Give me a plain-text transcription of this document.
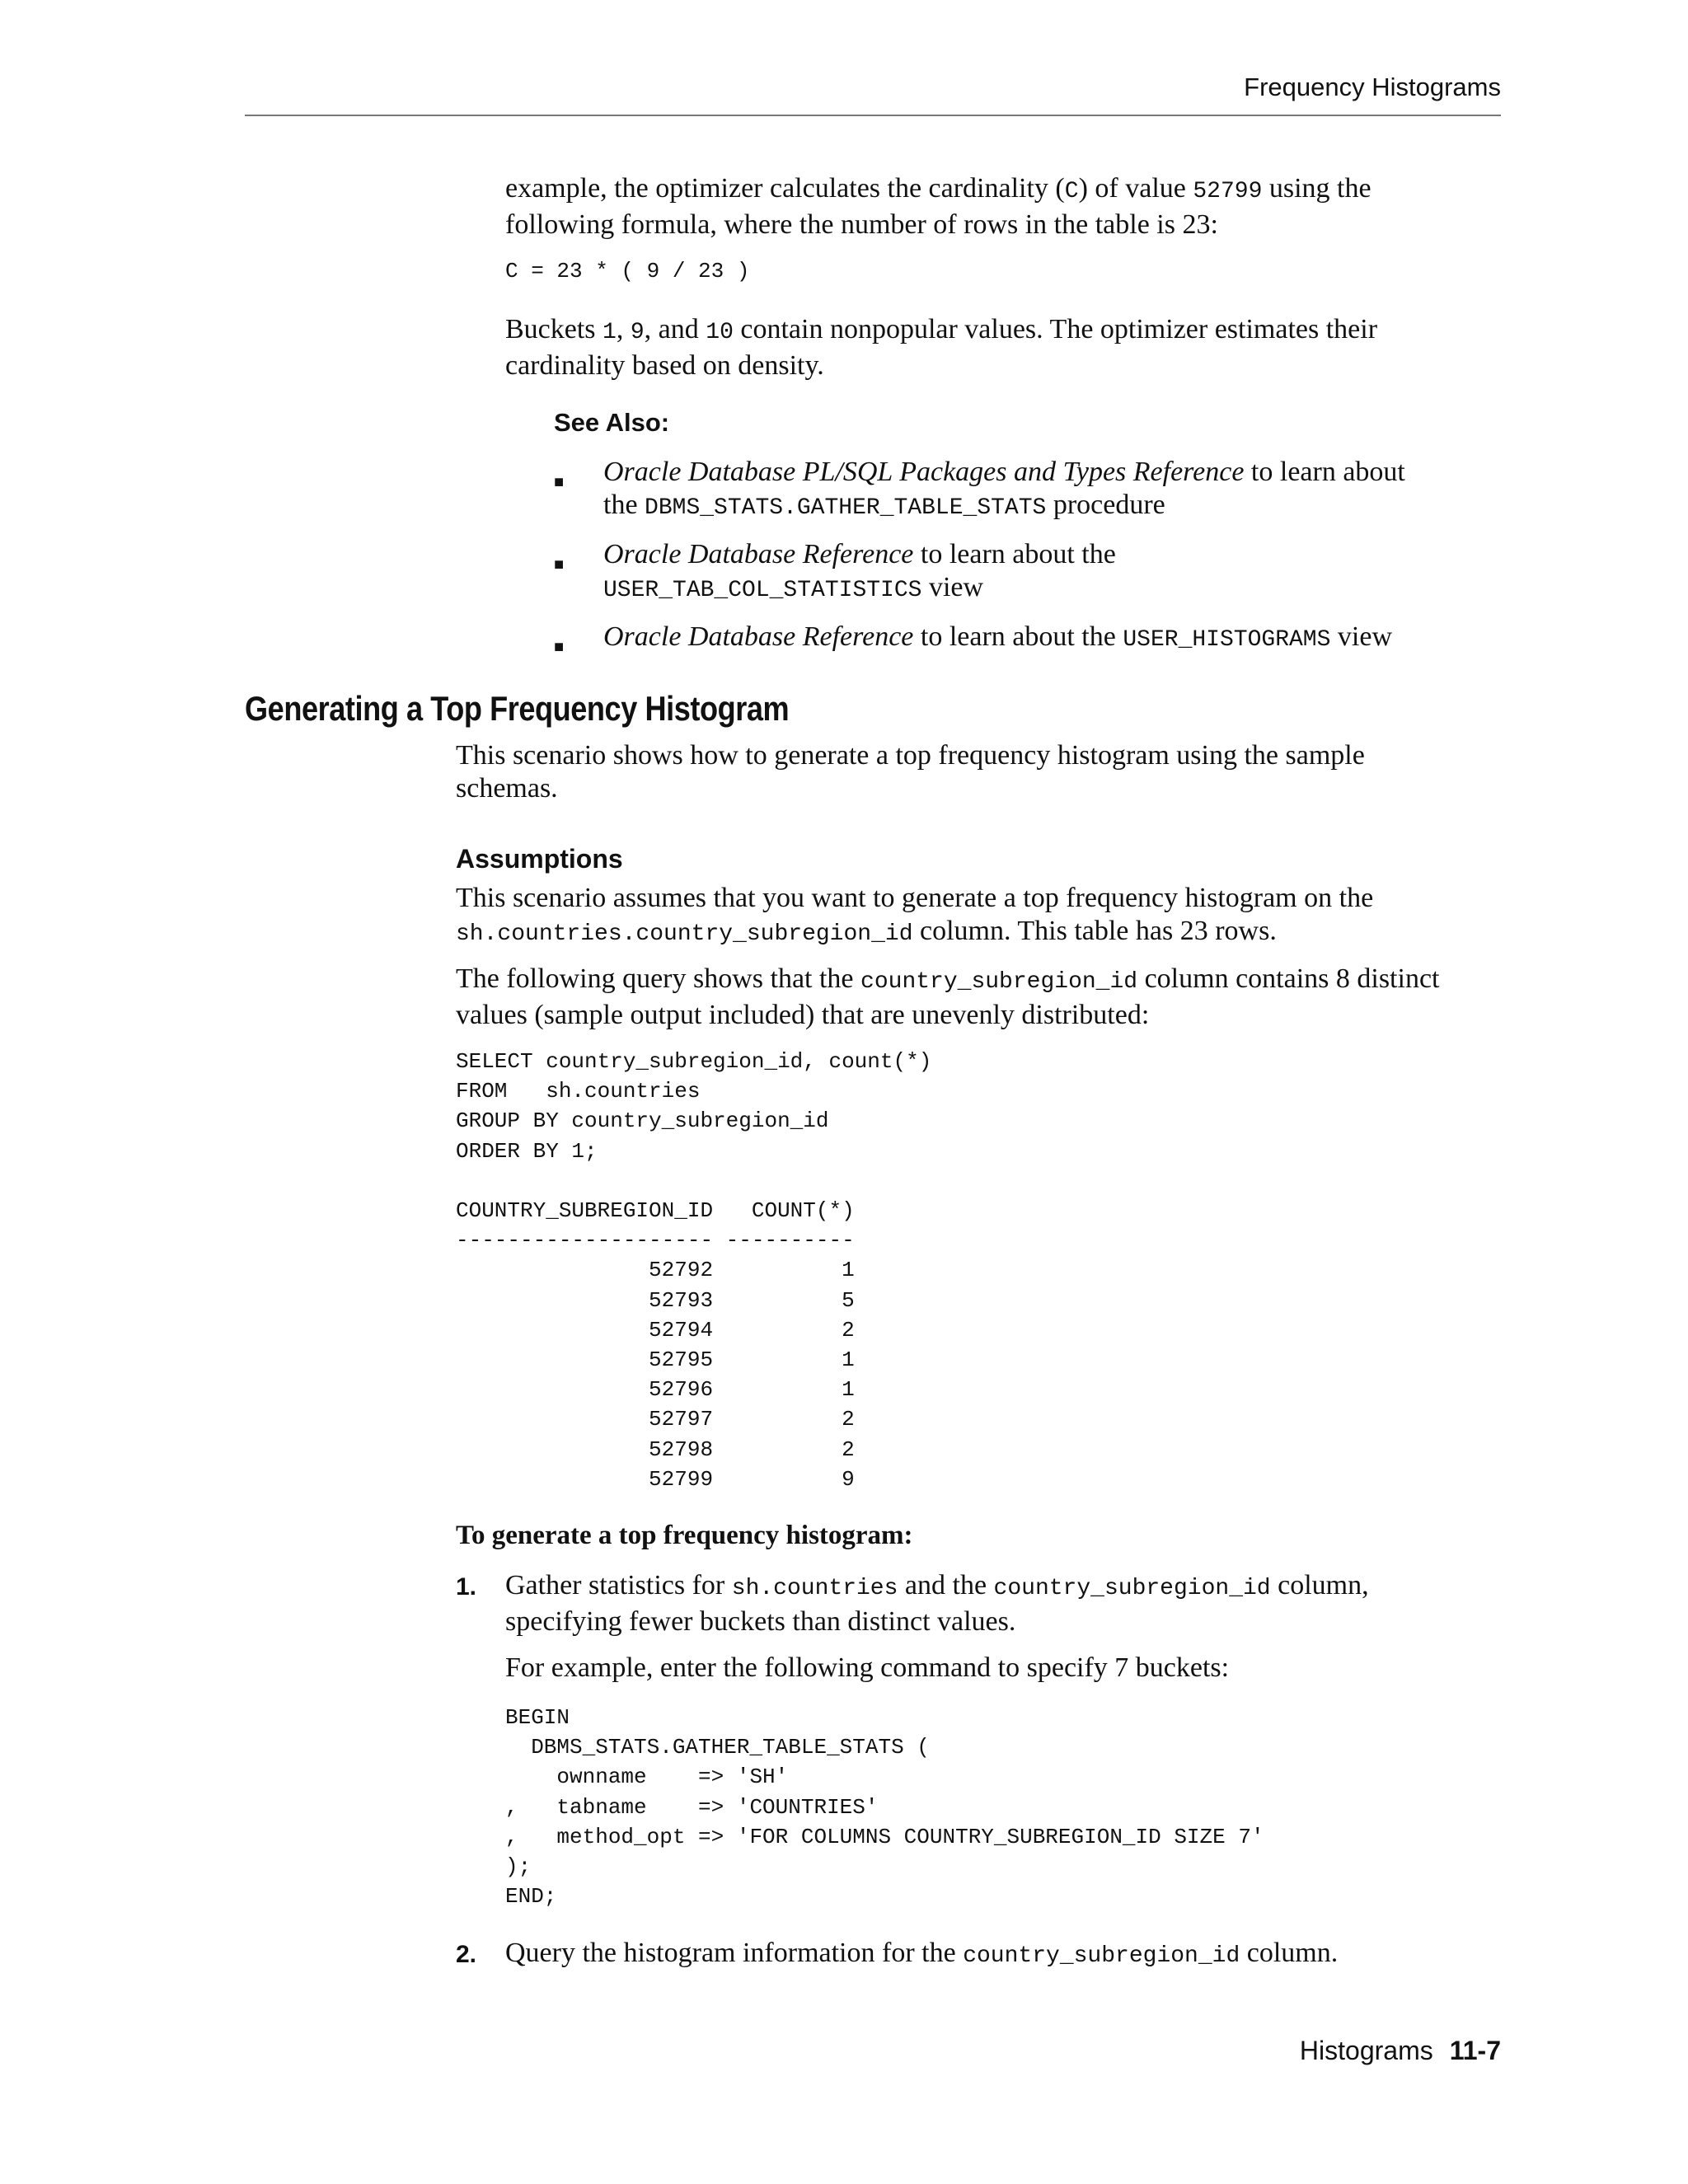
Frequency Histograms
example, the optimizer calculates the cardinality (C) of value 52799 using the
following formula, where the number of rows in the table is 23:
C = 23 * ( 9 / 23 )
Buckets 1, 9, and 10 contain nonpopular values. The optimizer estimates their
cardinality based on density.
See Also:
■ Oracle Database PL/SQL Packages and Types Reference to learn about
the DBMS_STATS.GATHER_TABLE_STATS procedure
■ Oracle Database Reference to learn about the
USER_TAB_COL_STATISTICS view
■ Oracle Database Reference to learn about the USER_HISTOGRAMS view
Generating a Top Frequency Histogram
This scenario shows how to generate a top frequency histogram using the sample
schemas.
Assumptions
This scenario assumes that you want to generate a top frequency histogram on the
sh.countries.country_subregion_id column. This table has 23 rows.
The following query shows that the country_subregion_id column contains 8 distinct
values (sample output included) that are unevenly distributed:
SELECT country_subregion_id, count(*)
FROM   sh.countries
GROUP BY country_subregion_id
ORDER BY 1;

COUNTRY_SUBREGION_ID   COUNT(*)
-------------------- ----------
52792          1
52793          5
52794          2
52795          1
52796          1
52797          2
52798          2
52799          9
To generate a top frequency histogram:
1. Gather statistics for sh.countries and the country_subregion_id column,
specifying fewer buckets than distinct values.
For example, enter the following command to specify 7 buckets:
BEGIN
DBMS_STATS.GATHER_TABLE_STATS (
ownname    => 'SH'
,   tabname    => 'COUNTRIES'
,   method_opt => 'FOR COLUMNS COUNTRY_SUBREGION_ID SIZE 7'
);
END;
2. Query the histogram information for the country_subregion_id column.
Histograms 11-7
